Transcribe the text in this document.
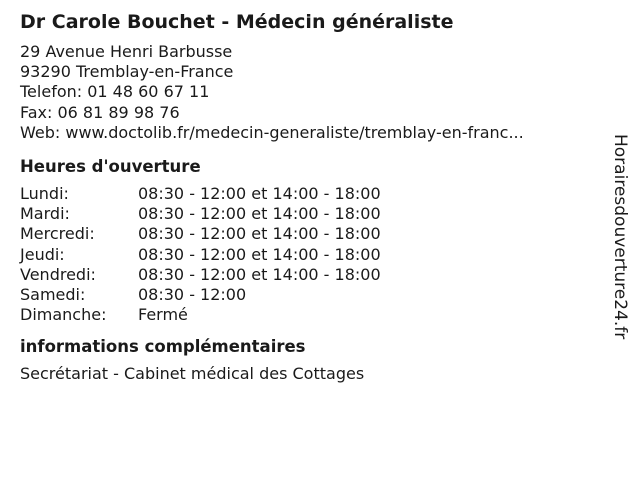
Dr Carole Bouchet - Médecin généraliste
29 Avenue Henri Barbusse
93290 Tremblay-en-France
Telefon: 01 48 60 67 11
Fax: 06 81 89 98 76
Web: www.doctolib.fr/medecin-generaliste/tremblay-en-franc...
Heures d'ouverture
Lundi:	08:30 - 12:00 et 14:00 - 18:00
Mardi:	08:30 - 12:00 et 14:00 - 18:00
Mercredi:	08:30 - 12:00 et 14:00 - 18:00
Jeudi:	08:30 - 12:00 et 14:00 - 18:00
Vendredi:	08:30 - 12:00 et 14:00 - 18:00
Samedi:	08:30 - 12:00
Dimanche:	Fermé
informations complémentaires
Secrétariat - Cabinet médical des Cottages
Horairesdouverture24.fr
